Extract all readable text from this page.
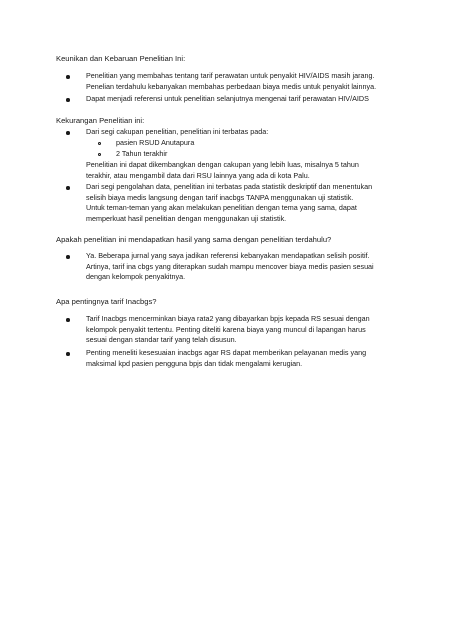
Keunikan dan Kebaruan Penelitian Ini:
Penelitian yang membahas tentang tarif perawatan untuk penyakit HIV/AIDS masih jarang.
Penelian terdahulu kebanyakan membahas perbedaan biaya medis untuk penyakit lainnya.
Dapat menjadi referensi untuk penelitian selanjutnya mengenai tarif perawatan HIV/AIDS
Kekurangan Penelitian ini:
Dari segi cakupan penelitian, penelitian ini terbatas pada:
pasien RSUD Anutapura
2 Tahun terakhir
Penelitian ini dapat dikembangkan dengan cakupan yang lebih luas, misalnya 5 tahun
terakhir, atau mengambil data dari RSU lainnya yang ada di kota Palu.
Dari segi pengolahan data, penelitian ini terbatas pada statistik deskriptif dan menentukan
selisih biaya medis langsung dengan tarif inacbgs TANPA menggunakan uji statistik.
Untuk teman-teman yang akan melakukan penelitian dengan tema yang sama, dapat
memperkuat hasil penelitian dengan menggunakan uji statistik.
Apakah penelitian ini mendapatkan hasil yang sama dengan penelitian terdahulu?
Ya. Beberapa jurnal yang saya jadikan referensi kebanyakan mendapatkan selisih positif.
Artinya, tarif ina cbgs yang diterapkan sudah mampu mencover biaya medis pasien sesuai
dengan kelompok penyakitnya.
Apa pentingnya tarif Inacbgs?
Tarif Inacbgs mencerminkan biaya rata2 yang dibayarkan bpjs kepada RS sesuai dengan
kelompok penyakit tertentu. Penting diteliti karena biaya yang muncul di lapangan harus
sesuai dengan standar tarif yang telah disusun.
Penting meneliti kesesuaian inacbgs agar RS dapat memberikan pelayanan medis yang
maksimal kpd pasien pengguna bpjs dan tidak mengalami kerugian.
